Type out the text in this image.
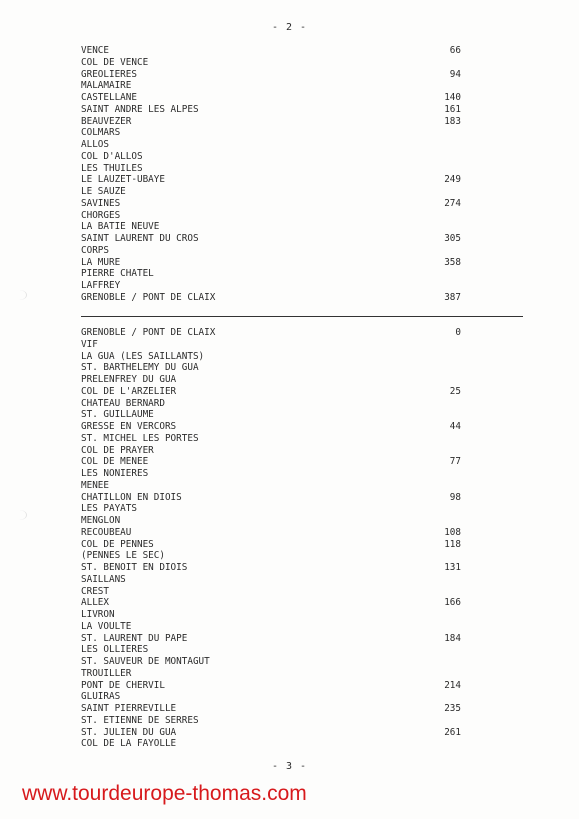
- 2 -
VENCE	66
COL DE VENCE
GREOLIERES	94
MALAMAIRE
CASTELLANE	140
SAINT ANDRE LES ALPES	161
BEAUVEZER	183
COLMARS
ALLOS
COL D'ALLOS
LES THUILES
LE LAUZET-UBAYE	249
LE SAUZE
SAVINES	274
CHORGES
LA BATIE NEUVE
SAINT LAURENT DU CROS	305
CORPS
LA MURE	358
PIERRE CHATEL
LAFFREY
GRENOBLE / PONT DE CLAIX	387
GRENOBLE / PONT DE CLAIX	0
VIF
LA GUA (LES SAILLANTS)
ST. BARTHELEMY DU GUA
PRELENFREY DU GUA
COL DE L'ARZELIER	25
CHATEAU BERNARD
ST. GUILLAUME
GRESSE EN VERCORS	44
ST. MICHEL LES PORTES
COL DE PRAYER
COL DE MENEE	77
LES NONIERES
MENEE
CHATILLON EN DIOIS	98
LES PAYATS
MENGLON
RECOUBEAU	108
COL DE PENNES	118
(PENNES LE SEC)
ST. BENOIT EN DIOIS	131
SAILLANS
CREST
ALLEX	166
LIVRON
LA VOULTE
ST. LAURENT DU PAPE	184
LES OLLIERES
ST. SAUVEUR DE MONTAGUT
TROUILLER
PONT DE CHERVIL	214
GLUIRAS
SAINT PIERREVILLE	235
ST. ETIENNE DE SERRES
ST. JULIEN DU GUA	261
COL DE LA FAYOLLE
- 3 -
www.tourdeurope-thomas.com
